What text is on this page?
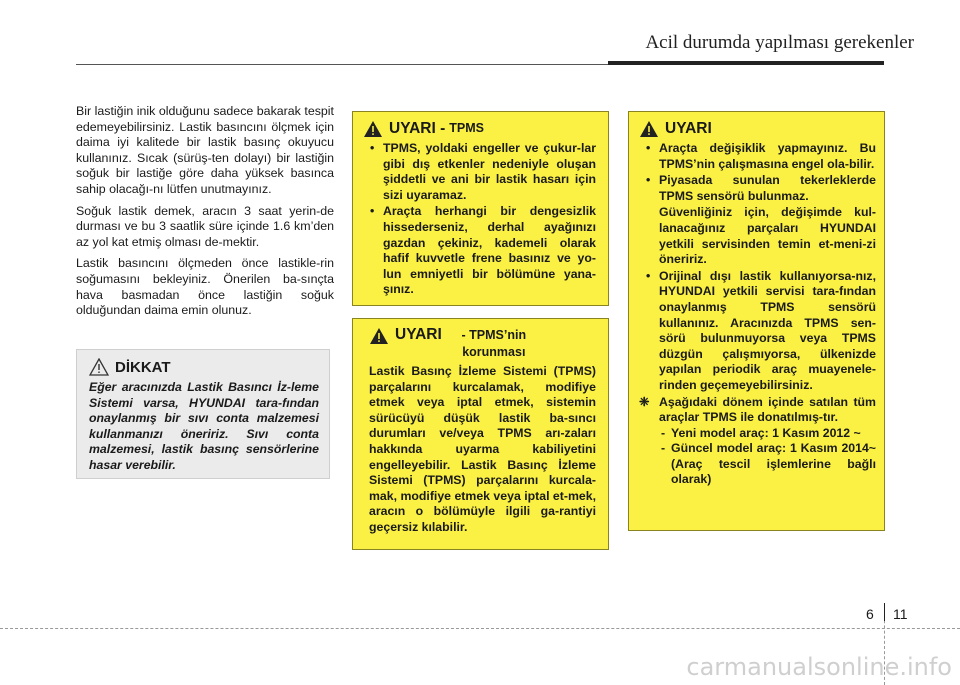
Acil durumda yapılması gerekenler

Bir lastiğin inik olduğunu sadece bakarak tespit edemeyebilirsiniz. Lastik basıncını ölçmek için daima iyi kalitede bir lastik basınç okuyucu kullanınız. Sıcak (sürüş-ten dolayı) bir lastiğin soğuk bir lastiğe göre daha yüksek basınca sahip olacağı-nı lütfen unutmayınız.

Soğuk lastik demek, aracın 3 saat yerin-de durması ve bu 3 saatlik süre içinde 1.6 km’den az yol kat etmiş olması de-mektir.

Lastik basıncını ölçmeden önce lastikle-rin soğumasını bekleyiniz. Önerilen ba-sınçta hava basmadan önce lastiğin soğuk olduğundan daima emin olunuz.

DİKKAT
Eğer aracınızda Lastik Basıncı İz-leme Sistemi varsa, HYUNDAI tara-fından onaylanmış bir sıvı conta malzemesi kullanmanızı öneririz. Sıvı conta malzemesi, lastik basınç sensörlerine hasar verebilir.
UYARI - TPMS
• TPMS, yoldaki engeller ve çukur-lar gibi dış etkenler nedeniyle oluşan şiddetli ve ani bir lastik hasarı için sizi uyaramaz.
• Araçta herhangi bir dengesizlik hissederseniz, derhal ayağınızı gazdan çekiniz, kademeli olarak hafif kuvvetle frene basınız ve yo-lun emniyetli bir bölümüne yana-şınız.
UYARI	- TPMS’nin korunması
Lastik Basınç İzleme Sistemi (TPMS) parçalarını kurcalamak, modifiye etmek veya iptal etmek, sistemin sürücüyü düşük lastik ba-sıncı durumları ve/veya TPMS arı-zaları hakkında uyarma kabiliyetini engelleyebilir. Lastik Basınç İzleme Sistemi (TPMS) parçalarını kurcala-mak, modifiye etmek veya iptal et-mek, aracın o bölümüyle ilgili ga-rantiyi geçersiz kılabilir.
UYARI
• Araçta değişiklik yapmayınız. Bu TPMS’nin çalışmasına engel ola-bilir.
• Piyasada sunulan tekerleklerde TPMS sensörü bulunmaz.
Güvenliğiniz için, değişimde kul-lanacağınız parçaları HYUNDAI yetkili servisinden temin et-meni-zi öneririz.
• Orijinal dışı lastik kullanıyorsa-nız, HYUNDAI yetkili servisi tara-fından onaylanmış TPMS sensörü kullanınız. Aracınızda TPMS sen-sörü bulunmuyorsa veya TPMS düzgün çalışmıyorsa, ülkenizde yapılan periodik araç muayenele-rinden geçemeyebilirsiniz.
❈ Aşağıdaki dönem içinde satılan tüm araçlar TPMS ile donatılmış-tır.
- Yeni model araç: 1 Kasım 2012 ~
- Güncel model araç: 1 Kasım 2014~ (Araç tescil işlemlerine bağlı olarak)
6 11
carmanualsonline.info
